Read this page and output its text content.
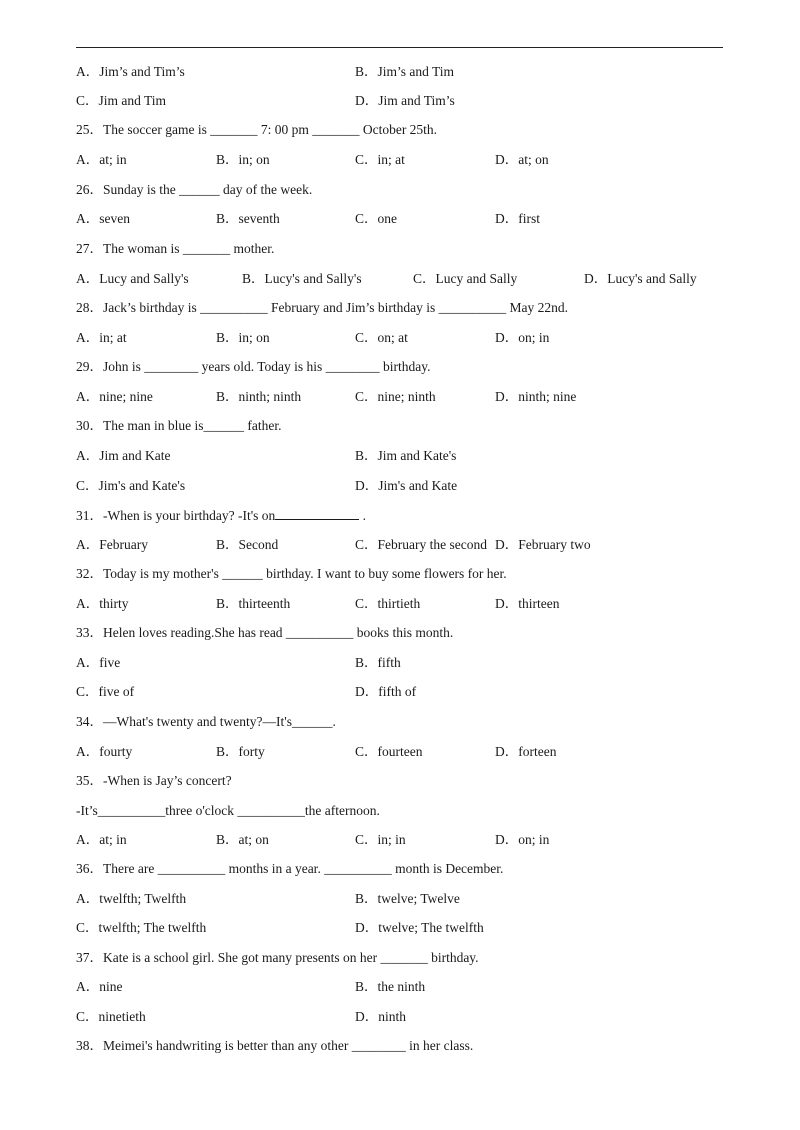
A．Jim’s and Tim’s	B．Jim’s and Tim
C．Jim and Tim	D．Jim and Tim’s
25．The soccer game is _______ 7: 00 pm _______ October 25th.
A．at; in	B．in; on	C．in; at	D．at; on
26．Sunday is the ______ day of the week.
A．seven	B．seventh	C．one	D．first
27．The woman is _______ mother.
A．Lucy and Sally's	B．Lucy's and Sally's	C．Lucy and Sally	D．Lucy's and Sally
28．Jack’s birthday is __________ February and Jim’s birthday is __________ May 22nd.
A．in; at	B．in; on	C．on; at	D．on; in
29．John is ________ years old. Today is his ________ birthday.
A．nine; nine	B．ninth; ninth	C．nine; ninth	D．ninth; nine
30．The man in blue is______ father.
A．Jim and Kate	B．Jim and Kate's
C．Jim's and Kate's	D．Jim's and Kate
31．-When is your birthday? -It's on	.
A．February	B．Second	C．February the second D．February two
32．Today is my mother's ______ birthday. I want to buy some flowers for her.
A．thirty	B．thirteenth	C．thirtieth	D．thirteen
33．Helen loves reading.She has read __________ books this month.
A．five	B．fifth
C．five of	D．fifth of
34．—What's twenty and twenty?—It's______.
A．fourty	B．forty	C．fourteen	D．forteen
35．-When is Jay’s concert?
-It’s__________three o'clock __________the afternoon.
A．at; in	B．at; on	C．in; in	D．on; in
36．There are __________ months in a year. __________ month is December.
A．twelfth; Twelfth	B．twelve; Twelve
C．twelfth; The twelfth	D．twelve; The twelfth
37．Kate is a school girl. She got many presents on her _______ birthday.
A．nine	B．the ninth
C．ninetieth	D．ninth
38．Meimei's handwriting is better than any other ________ in her class.
